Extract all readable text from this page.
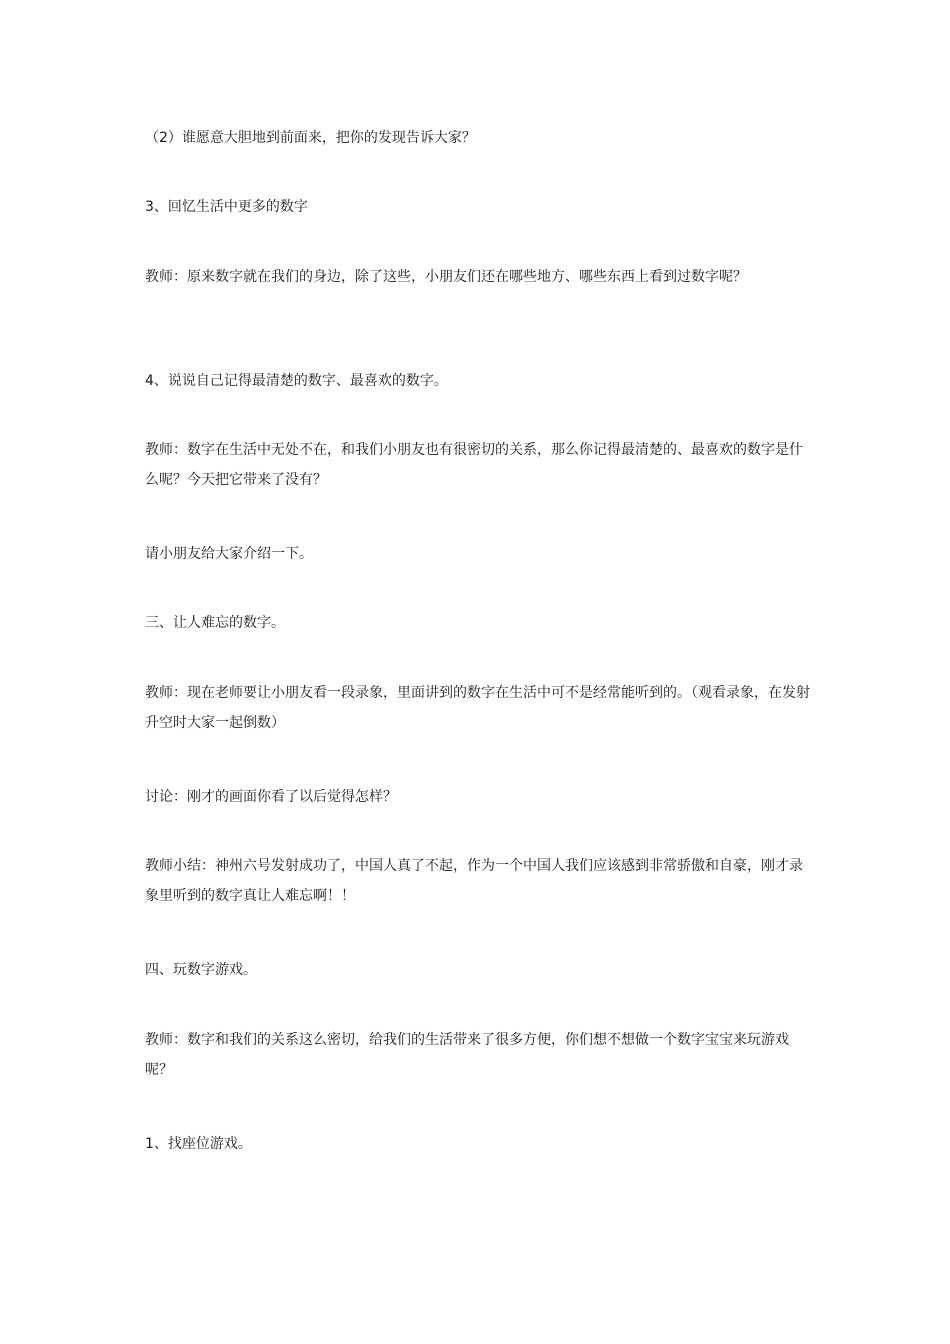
（2）谁愿意大胆地到前面来，把你的发现告诉大家？

3、回忆生活中更多的数字

教师：原来数字就在我们的身边，除了这些，小朋友们还在哪些地方、哪些东西上看到过数字呢？

4、说说自己记得最清楚的数字、最喜欢的数字。

教师：数字在生活中无处不在，和我们小朋友也有很密切的关系，那么你记得最清楚的、最喜欢的数字是什么呢？今天把它带来了没有？

请小朋友给大家介绍一下。

三、让人难忘的数字。

教师：现在老师要让小朋友看一段录象，里面讲到的数字在生活中可不是经常能听到的。（观看录象，在发射升空时大家一起倒数）

讨论：刚才的画面你看了以后觉得怎样？

教师小结：神州六号发射成功了，中国人真了不起，作为一个中国人我们应该感到非常骄傲和自豪，刚才录象里听到的数字真让人难忘啊！！

四、玩数字游戏。

教师：数字和我们的关系这么密切，给我们的生活带来了很多方便，你们想不想做一个数字宝宝来玩游戏呢？

1、找座位游戏。
